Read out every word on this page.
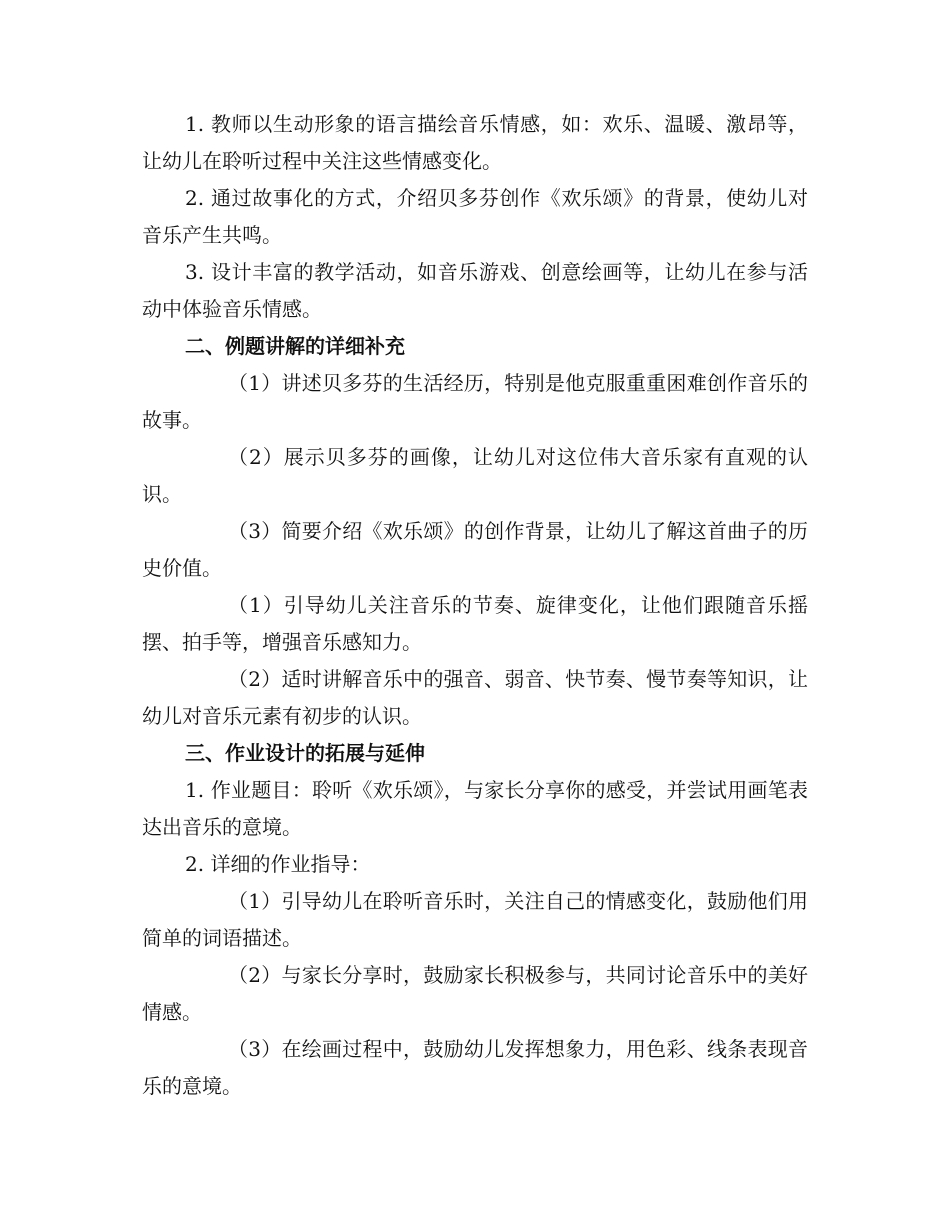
1. 教师以生动形象的语言描绘音乐情感，如：欢乐、温暖、激昂等，让幼儿在聆听过程中关注这些情感变化。

2. 通过故事化的方式，介绍贝多芬创作《欢乐颂》的背景，使幼儿对音乐产生共鸣。

3. 设计丰富的教学活动，如音乐游戏、创意绘画等，让幼儿在参与活动中体验音乐情感。

二、例题讲解的详细补充

（1）讲述贝多芬的生活经历，特别是他克服重重困难创作音乐的故事。

（2）展示贝多芬的画像，让幼儿对这位伟大音乐家有直观的认识。

（3）简要介绍《欢乐颂》的创作背景，让幼儿了解这首曲子的历史价值。

（1）引导幼儿关注音乐的节奏、旋律变化，让他们跟随音乐摇摆、拍手等，增强音乐感知力。

（2）适时讲解音乐中的强音、弱音、快节奏、慢节奏等知识，让幼儿对音乐元素有初步的认识。

三、作业设计的拓展与延伸

1. 作业题目：聆听《欢乐颂》，与家长分享你的感受，并尝试用画笔表达出音乐的意境。

2. 详细的作业指导：

（1）引导幼儿在聆听音乐时，关注自己的情感变化，鼓励他们用简单的词语描述。

（2）与家长分享时，鼓励家长积极参与，共同讨论音乐中的美好情感。

（3）在绘画过程中，鼓励幼儿发挥想象力，用色彩、线条表现音乐的意境。
